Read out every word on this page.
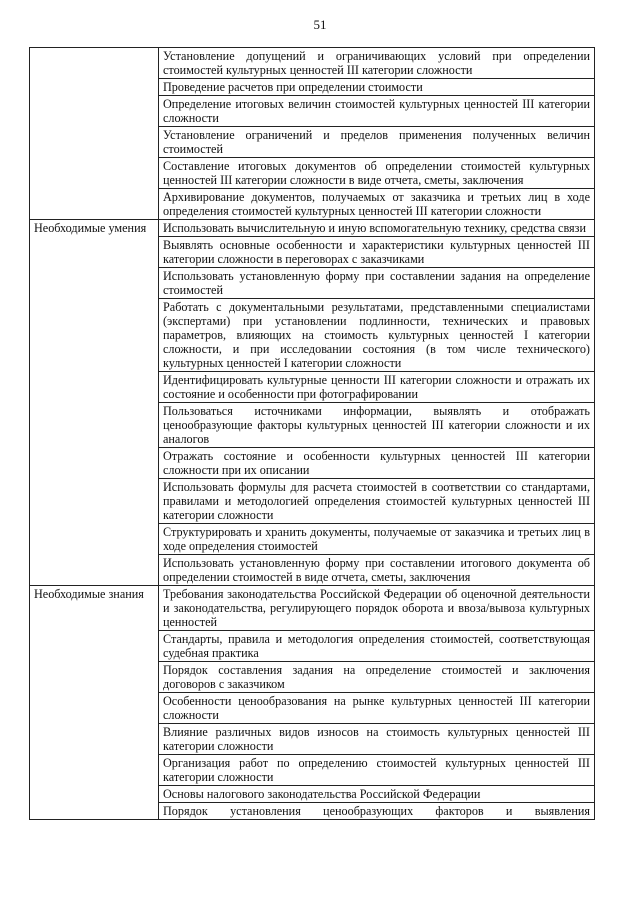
51
	Установление допущений и ограничивающих условий при определении стоимостей культурных ценностей III категории сложности
	Проведение расчетов при определении стоимости
	Определение итоговых величин стоимостей культурных ценностей III категории сложности
	Установление ограничений и пределов применения полученных величин стоимостей
	Составление итоговых документов об определении стоимостей культурных ценностей III категории сложности в виде отчета, сметы, заключения
	Архивирование документов, получаемых от заказчика и третьих лиц в ходе определения стоимостей культурных ценностей III категории сложности
Необходимые умения	Использовать вычислительную и иную вспомогательную технику, средства связи
	Выявлять основные особенности и характеристики культурных ценностей III категории сложности в переговорах с заказчиками
	Использовать установленную форму при составлении задания на определение стоимостей
	Работать с документальными результатами, представленными специалистами (экспертами) при установлении подлинности, технических и правовых параметров, влияющих на стоимость культурных ценностей I категории сложности, и при исследовании состояния (в том числе технического) культурных ценностей I категории сложности
	Идентифицировать культурные ценности III категории сложности и отражать их состояние и особенности при фотографировании
	Пользоваться источниками информации, выявлять и отображать ценообразующие факторы культурных ценностей III категории сложности и их аналогов
	Отражать состояние и особенности культурных ценностей III категории сложности при их описании
	Использовать формулы для расчета стоимостей в соответствии со стандартами, правилами и методологией определения стоимостей культурных ценностей III категории сложности
	Структурировать и хранить документы, получаемые от заказчика и третьих лиц в ходе определения стоимостей
	Использовать установленную форму при составлении итогового документа об определении стоимостей в виде отчета, сметы, заключения
Необходимые знания	Требования законодательства Российской Федерации об оценочной деятельности и законодательства, регулирующего порядок оборота и ввоза/вывоза культурных ценностей
	Стандарты, правила и методология определения стоимостей, соответствующая судебная практика
	Порядок составления задания на определение стоимостей и заключения договоров с заказчиком
	Особенности ценообразования на рынке культурных ценностей III категории сложности
	Влияние различных видов износов на стоимость культурных ценностей III категории сложности
	Организация работ по определению стоимостей культурных ценностей III категории сложности
	Основы налогового законодательства Российской Федерации
	Порядок установления ценообразующих факторов и выявления
